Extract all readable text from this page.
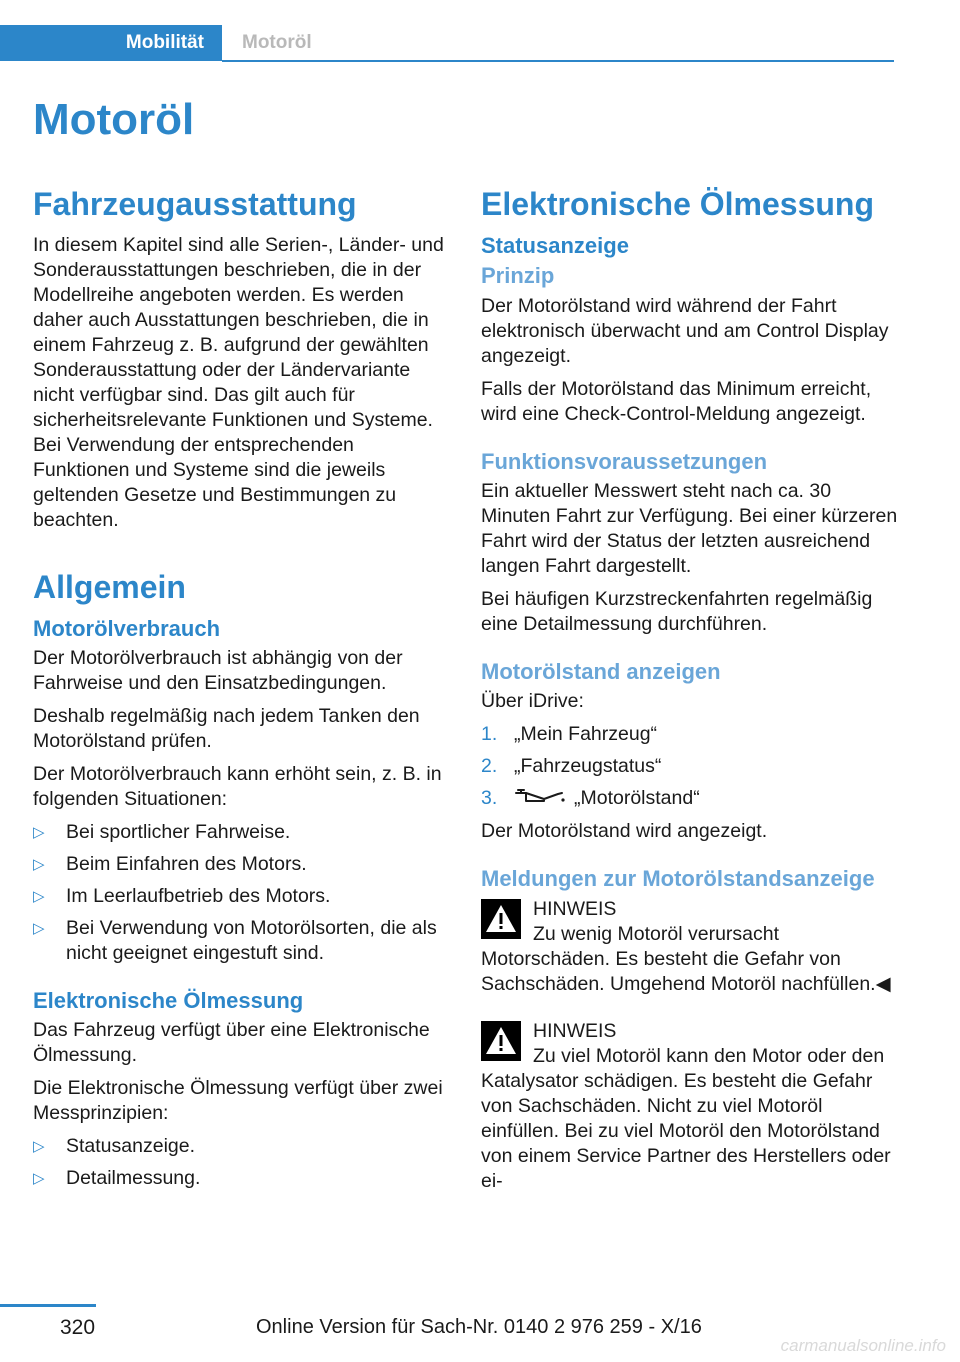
Mobilität	Motoröl
Motoröl
Fahrzeugausstattung

In diesem Kapitel sind alle Serien-, Länder- und Sonderausstattungen beschrieben, die in der Modellreihe angeboten werden. Es werden daher auch Ausstattungen beschrieben, die in einem Fahrzeug z. B. aufgrund der gewählten Sonderausstattung oder der Ländervariante nicht verfügbar sind. Das gilt auch für sicherheitsrelevante Funktionen und Systeme. Bei Verwendung der entsprechenden Funktionen und Systeme sind die jeweils geltenden Gesetze und Bestimmungen zu beachten.

Allgemein
Motorölverbrauch

Der Motorölverbrauch ist abhängig von der Fahrweise und den Einsatzbedingungen.

Deshalb regelmäßig nach jedem Tanken den Motorölstand prüfen.

Der Motorölverbrauch kann erhöht sein, z. B. in folgenden Situationen:

▷ Bei sportlicher Fahrweise.
▷ Beim Einfahren des Motors.
▷ Im Leerlaufbetrieb des Motors.
▷ Bei Verwendung von Motorölsorten, die als nicht geeignet eingestuft sind.
Elektronische Ölmessung

Das Fahrzeug verfügt über eine Elektronische Ölmessung.

Die Elektronische Ölmessung verfügt über zwei Messprinzipien:

▷ Statusanzeige.
▷ Detailmessung.
Elektronische Ölmessung
Statusanzeige
Prinzip

Der Motorölstand wird während der Fahrt elektronisch überwacht und am Control Display angezeigt.

Falls der Motorölstand das Minimum erreicht, wird eine Check-Control-Meldung angezeigt.

Funktionsvoraussetzungen

Ein aktueller Messwert steht nach ca. 30 Minuten Fahrt zur Verfügung. Bei einer kürzeren Fahrt wird der Status der letzten ausreichend langen Fahrt dargestellt.

Bei häufigen Kurzstreckenfahrten regelmäßig eine Detailmessung durchführen.

Motorölstand anzeigen

Über iDrive:

1. „Mein Fahrzeug“
2. „Fahrzeugstatus“
3.	„Motorölstand“

Der Motorölstand wird angezeigt.

Meldungen zur Motorölstandsanzeige
HINWEIS
Zu wenig Motoröl verursacht Motorschäden. Es besteht die Gefahr von Sachschäden. Umgehend Motoröl nachfüllen.◀
HINWEIS
Zu viel Motoröl kann den Motor oder den Katalysator schädigen. Es besteht die Gefahr von Sachschäden. Nicht zu viel Motoröl einfüllen. Bei zu viel Motoröl den Motorölstand von einem Service Partner des Herstellers oder ei-
320	Online Version für Sach-Nr. 0140 2 976 259 - X/16
carmanualsonline.info
